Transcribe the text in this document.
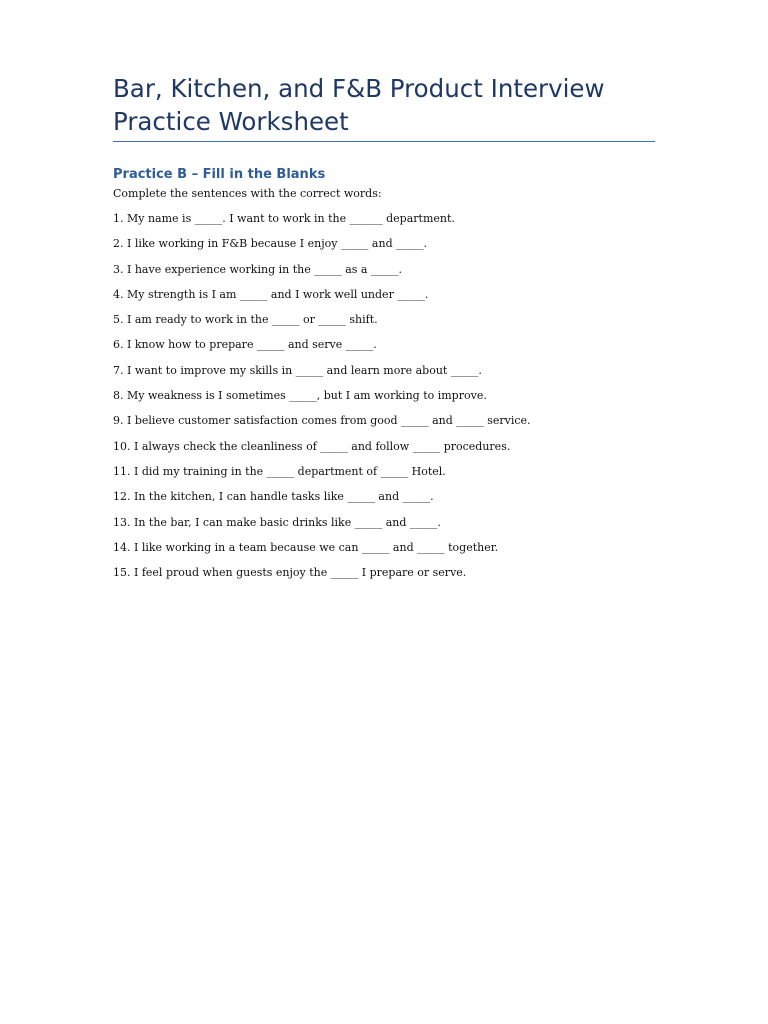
Bar, Kitchen, and F&B Product Interview Practice Worksheet
Practice B – Fill in the Blanks

Complete the sentences with the correct words:

1. My name is _____. I want to work in the ______ department.
2. I like working in F&B because I enjoy _____ and _____.
3. I have experience working in the _____ as a _____.
4. My strength is I am _____ and I work well under _____.
5. I am ready to work in the _____ or _____ shift.
6. I know how to prepare _____ and serve _____.
7. I want to improve my skills in _____ and learn more about _____.
8. My weakness is I sometimes _____, but I am working to improve.
9. I believe customer satisfaction comes from good _____ and _____ service.
10. I always check the cleanliness of _____ and follow _____ procedures.
11. I did my training in the _____ department of _____ Hotel.
12. In the kitchen, I can handle tasks like _____ and _____.
13. In the bar, I can make basic drinks like _____ and _____.
14. I like working in a team because we can _____ and _____ together.
15. I feel proud when guests enjoy the _____ I prepare or serve.
